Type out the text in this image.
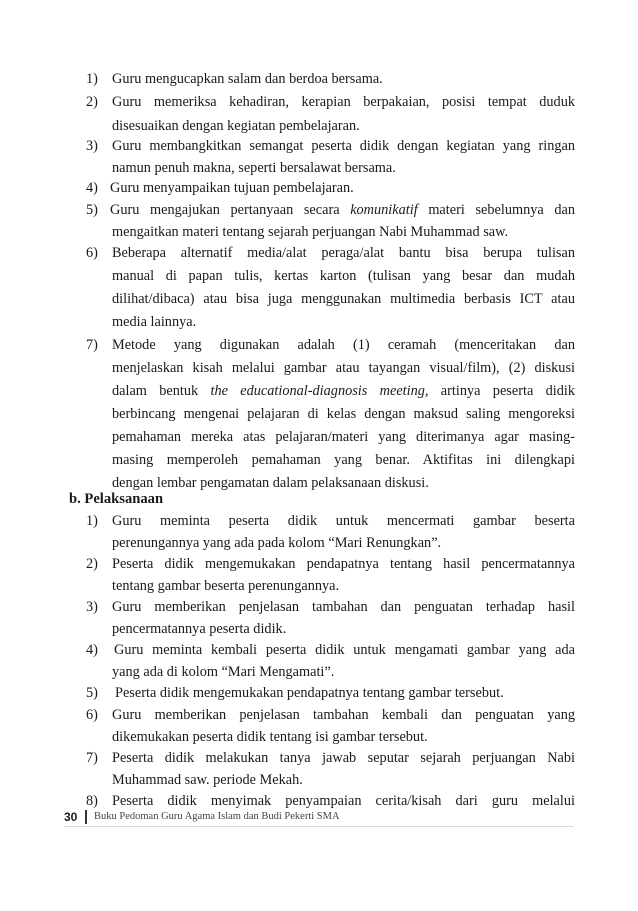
1) Guru mengucapkan salam dan berdoa bersama.
2) Guru memeriksa kehadiran, kerapian berpakaian, posisi tempat duduk
disesuaikan dengan kegiatan pembelajaran.
3) Guru membangkitkan semangat peserta didik dengan kegiatan yang ringan
namun penuh makna, seperti bersalawat bersama.
4) Guru menyampaikan tujuan pembelajaran.
5) Guru mengajukan pertanyaan secara komunikatif materi sebelumnya dan
mengaitkan materi tentang sejarah perjuangan Nabi Muhammad saw.
6) Beberapa alternatif media/alat peraga/alat bantu bisa berupa tulisan
manual di papan tulis, kertas karton (tulisan yang besar dan mudah
dilihat/dibaca) atau bisa juga menggunakan multimedia berbasis ICT atau
media lainnya.
7) Metode yang digunakan adalah (1) ceramah (menceritakan dan
menjelaskan kisah melalui gambar atau tayangan visual/film), (2) diskusi
dalam bentuk the educational-diagnosis meeting, artinya peserta didik
berbincang mengenai pelajaran di kelas dengan maksud saling mengoreksi
pemahaman mereka atas pelajaran/materi yang diterimanya agar masing-
masing memperoleh pemahaman yang benar. Aktifitas ini dilengkapi
dengan lembar pengamatan dalam pelaksanaan diskusi.
b. Pelaksanaan
1) Guru meminta peserta didik untuk mencermati gambar beserta
perenungannya yang ada pada kolom “Mari Renungkan”.
2) Peserta didik mengemukakan pendapatnya tentang hasil pencermatannya
tentang gambar beserta perenungannya.
3) Guru memberikan penjelasan tambahan dan penguatan terhadap hasil
pencermatannya peserta didik.
4) Guru meminta kembali peserta didik untuk mengamati gambar yang ada
yang ada di kolom “Mari Mengamati”.
5) Peserta didik mengemukakan pendapatnya tentang gambar tersebut.
6) Guru memberikan penjelasan tambahan kembali dan penguatan yang
dikemukakan peserta didik tentang isi gambar tersebut.
7) Peserta didik melakukan tanya jawab seputar sejarah perjuangan Nabi
Muhammad saw. periode Mekah.
8) Peserta didik menyimak penyampaian cerita/kisah dari guru melalui
30 Buku Pedoman Guru Agama Islam dan Budi Pekerti SMA
